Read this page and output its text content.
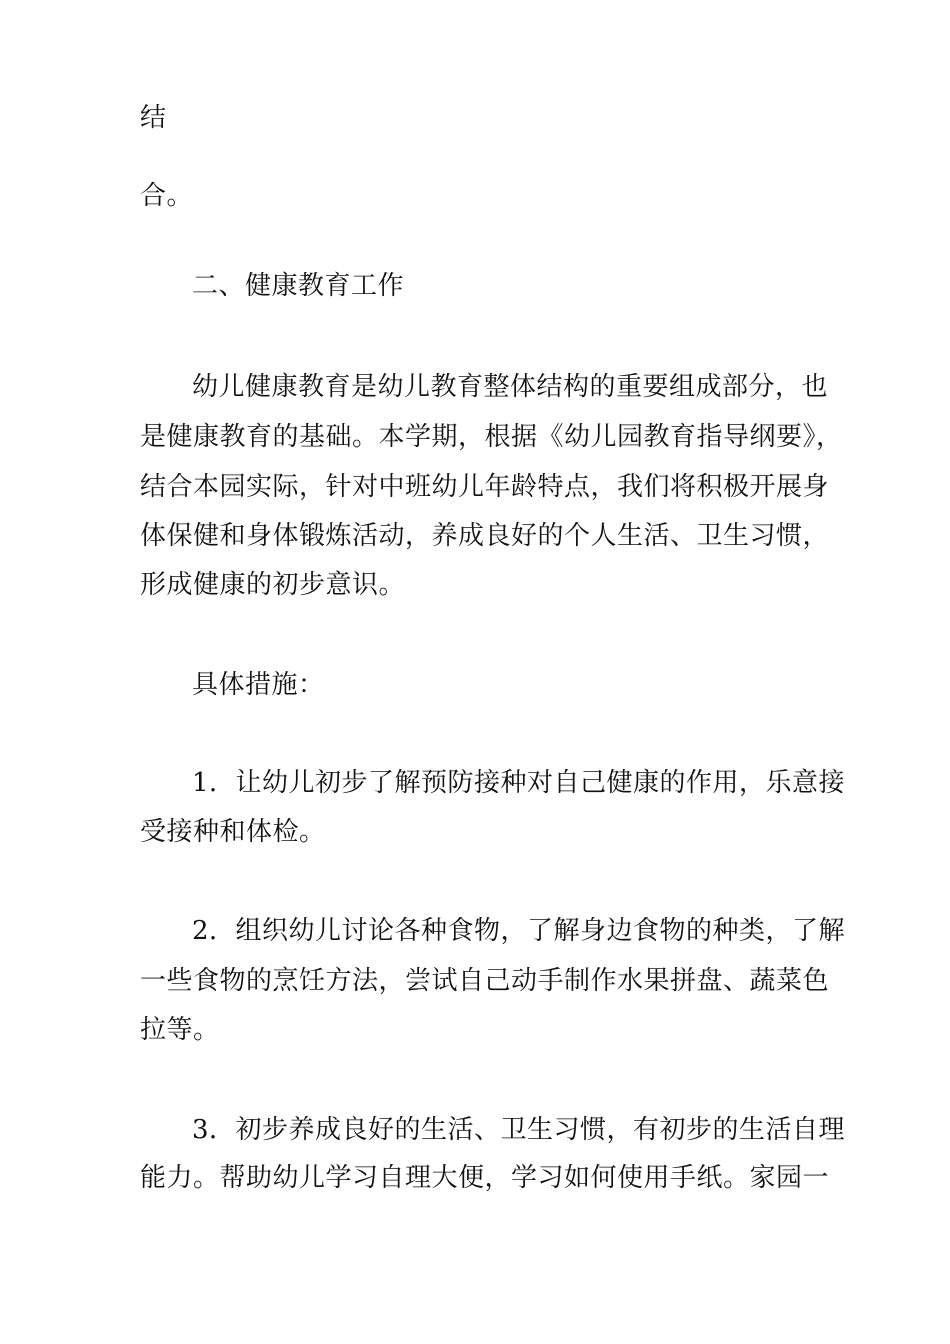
结
合。
二、健康教育工作
幼儿健康教育是幼儿教育整体结构的重要组成部分，也
是健康教育的基础。本学期，根据《幼儿园教育指导纲要》，
结合本园实际，针对中班幼儿年龄特点，我们将积极开展身
体保健和身体锻炼活动，养成良好的个人生活、卫生习惯，
形成健康的初步意识。
具体措施：
1．让幼儿初步了解预防接种对自己健康的作用，乐意接
受接种和体检。
2．组织幼儿讨论各种食物，了解身边食物的种类，了解
一些食物的烹饪方法，尝试自己动手制作水果拼盘、蔬菜色
拉等。
3．初步养成良好的生活、卫生习惯，有初步的生活自理
能力。帮助幼儿学习自理大便，学习如何使用手纸。家园一
